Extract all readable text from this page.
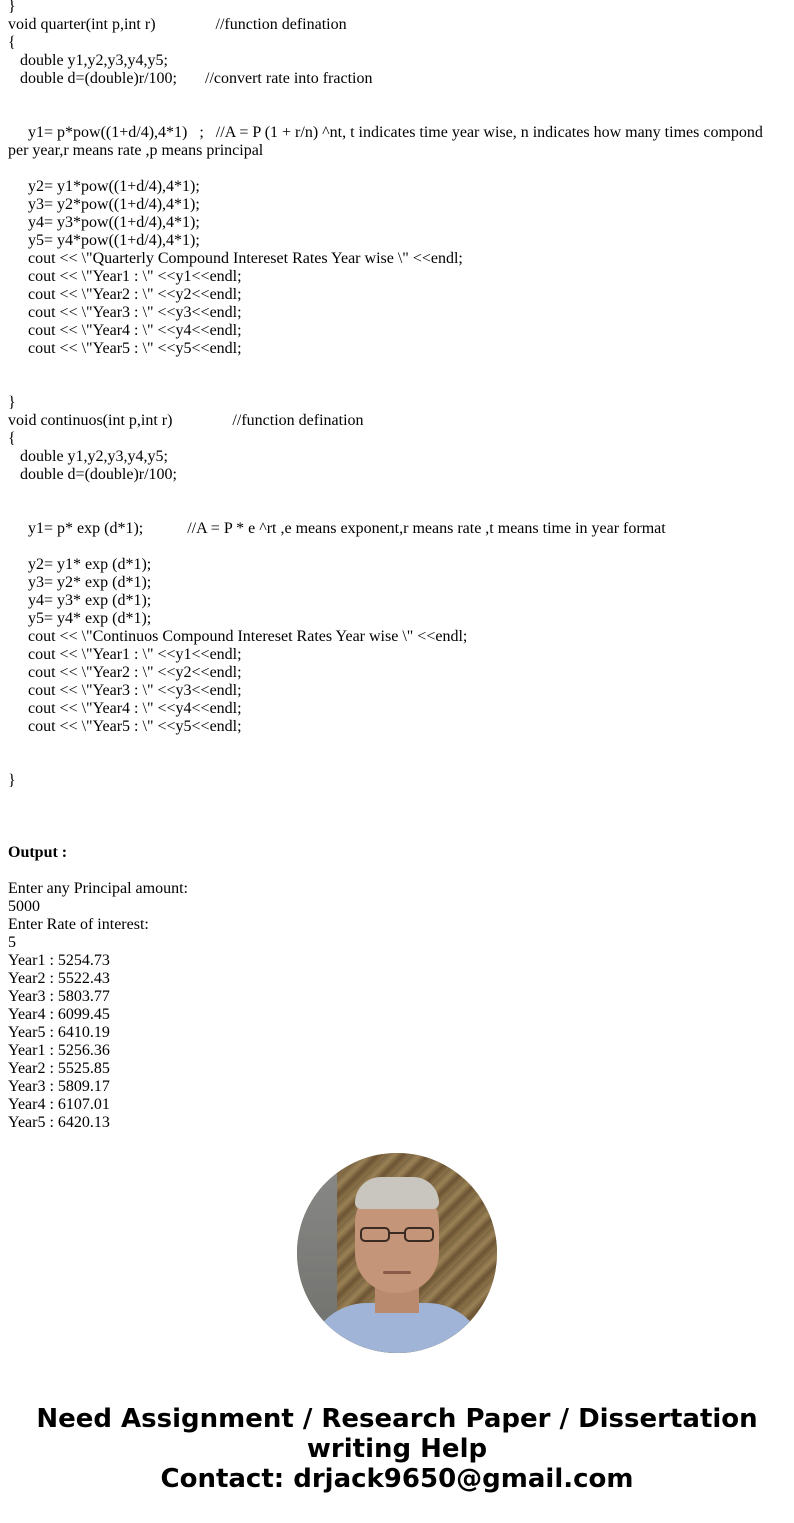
}
void quarter(int p,int r)               //function defination
{
double y1,y2,y3,y4,y5;
double d=(double)r/100;       //convert rate into fraction
y1= p*pow((1+d/4),4*1)   ;   //A = P (1 + r/n) ^nt, t indicates time year wise, n indicates how many times compond per year,r means rate ,p means principal
y2= y1*pow((1+d/4),4*1);
y3= y2*pow((1+d/4),4*1);
y4= y3*pow((1+d/4),4*1);
y5= y4*pow((1+d/4),4*1);
cout << \"Quarterly Compound Intereset Rates Year wise \" <<endl;
cout << \"Year1 : \" <<y1<<endl;
cout << \"Year2 : \" <<y2<<endl;
cout << \"Year3 : \" <<y3<<endl;
cout << \"Year4 : \" <<y4<<endl;
cout << \"Year5 : \" <<y5<<endl;
}
void continuos(int p,int r)               //function defination
{
double y1,y2,y3,y4,y5;
double d=(double)r/100;
y1= p* exp (d*1);           //A = P * e ^rt ,e means exponent,r means rate ,t means time in year format
y2= y1* exp (d*1);
y3= y2* exp (d*1);
y4= y3* exp (d*1);
y5= y4* exp (d*1);
cout << \"Continuos Compound Intereset Rates Year wise \" <<endl;
cout << \"Year1 : \" <<y1<<endl;
cout << \"Year2 : \" <<y2<<endl;
cout << \"Year3 : \" <<y3<<endl;
cout << \"Year4 : \" <<y4<<endl;
cout << \"Year5 : \" <<y5<<endl;
}
Output :
Enter any Principal amount:
5000
Enter Rate of interest:
5
Year1 : 5254.73
Year2 : 5522.43
Year3 : 5803.77
Year4 : 6099.45
Year5 : 6410.19
Year1 : 5256.36
Year2 : 5525.85
Year3 : 5809.17
Year4 : 6107.01
Year5 : 6420.13
Need Assignment / Research Paper / Dissertation
writing Help
Contact: drjack9650@gmail.com
